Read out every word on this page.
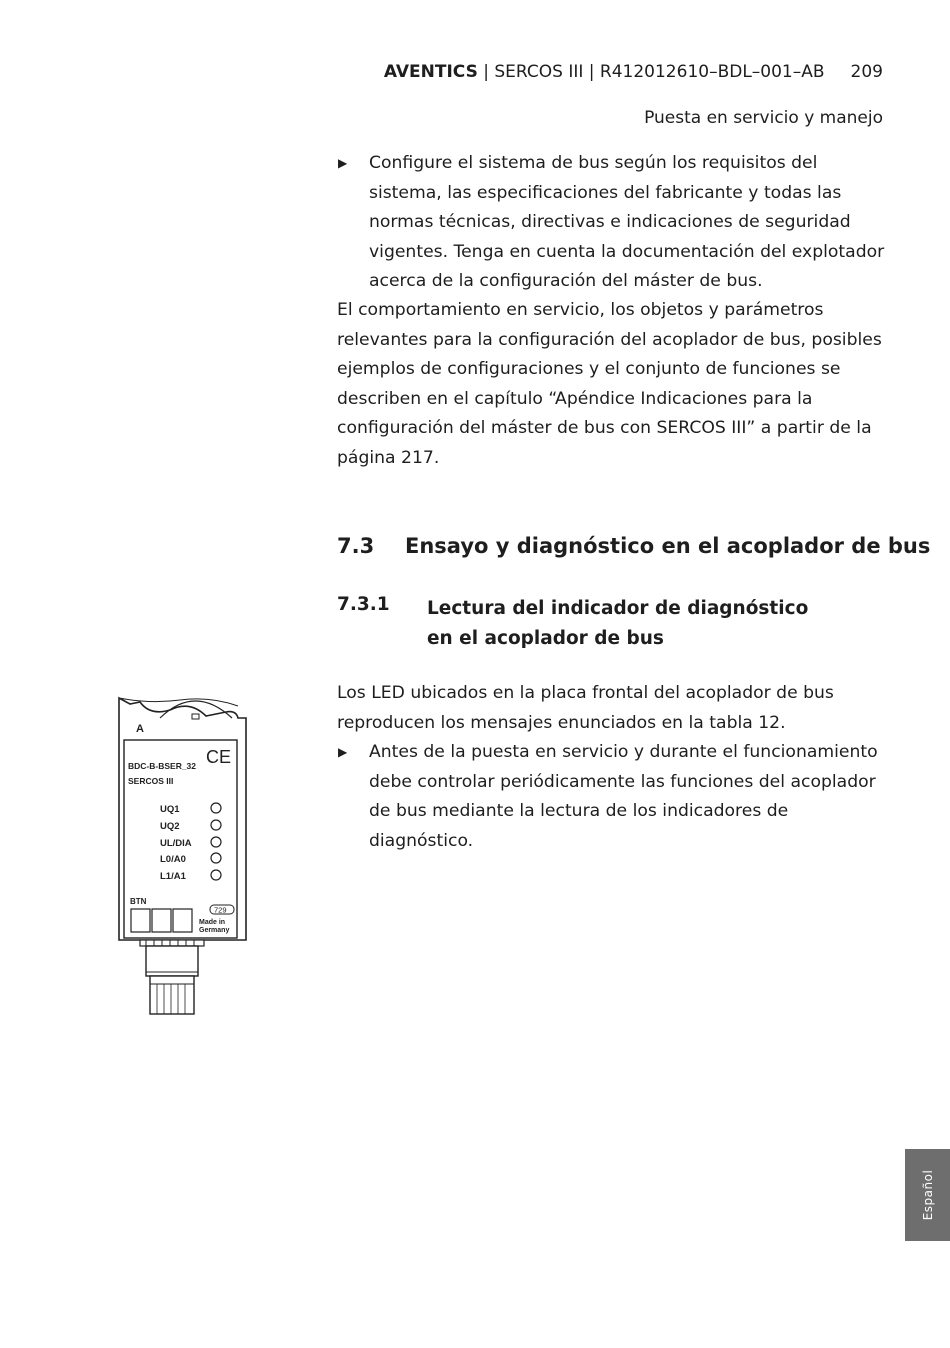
AVENTICS | SERCOS III | R412012610–BDL–001–AB 209
Puesta en servicio y manejo
▶ Configure el sistema de bus según los requisitos del
sistema, las especificaciones del fabricante y todas las
normas técnicas, directivas e indicaciones de seguridad
vigentes. Tenga en cuenta la documentación del explotador
acerca de la configuración del máster de bus.
El comportamiento en servicio, los objetos y parámetros
relevantes para la configuración del acoplador de bus, posibles
ejemplos de configuraciones y el conjunto de funciones se
describen en el capítulo “Apéndice Indicaciones para la
configuración del máster de bus con SERCOS III” a partir de la
página 217.
7.3 Ensayo y diagnóstico en el acoplador de bus
7.3.1 Lectura del indicador de diagnóstico
en el acoplador de bus
Los LED ubicados en la placa frontal del acoplador de bus
reproducen los mensajes enunciados en la tabla 12.
▶ Antes de la puesta en servicio y durante el funcionamiento
debe controlar periódicamente las funciones del acoplador
de bus mediante la lectura de los indicadores de
diagnóstico.
A
BDC-B-BSER_32
SERCOS III
CE
UQ1
UQ2
UL/DIA
L0/A0
L1/A1
BTN
729
Made in
Germany
Español
